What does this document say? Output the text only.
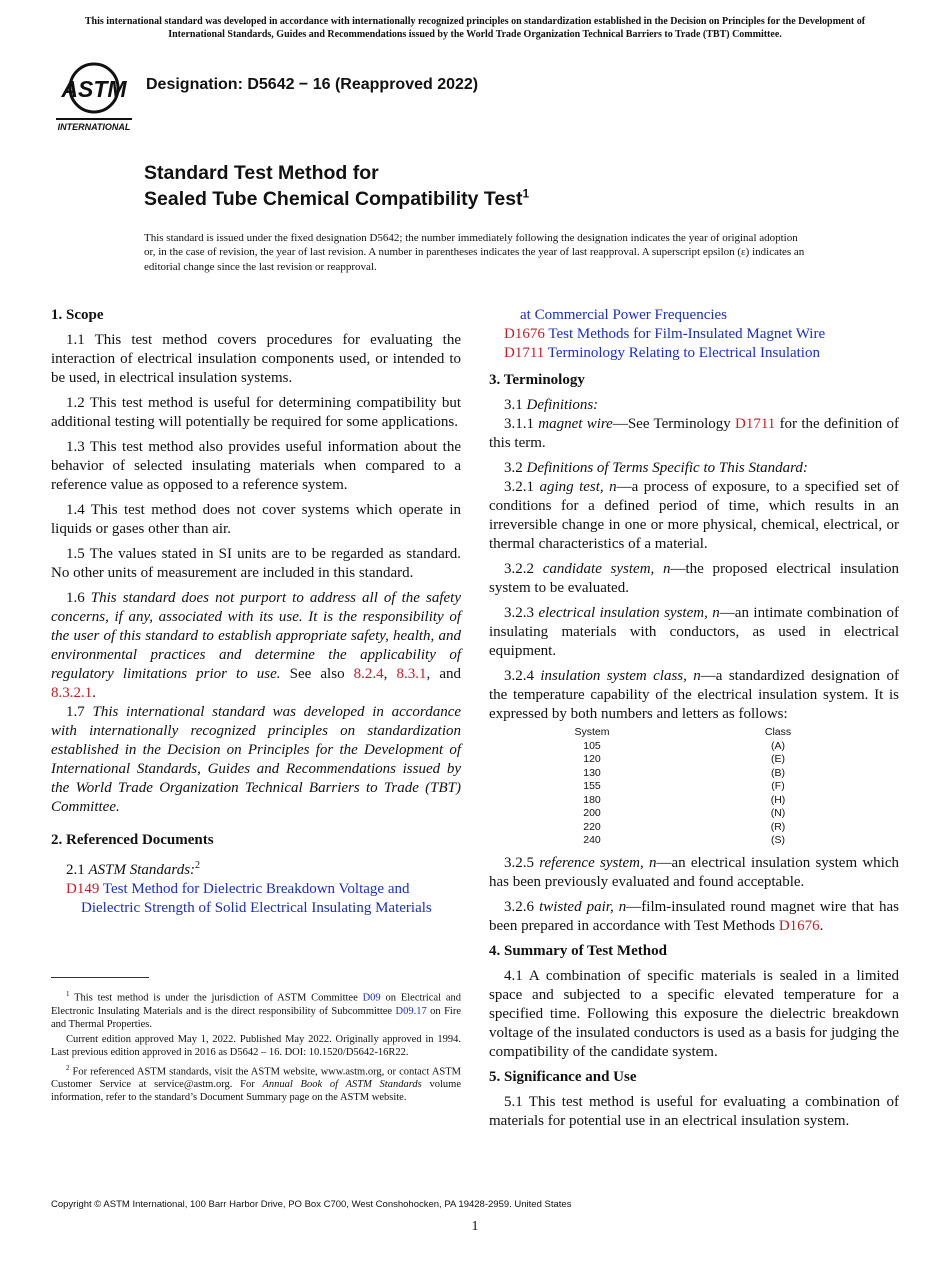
This international standard was developed in accordance with internationally recognized principles on standardization established in the Decision on Principles for the Development of International Standards, Guides and Recommendations issued by the World Trade Organization Technical Barriers to Trade (TBT) Committee.
ASTM
INTERNATIONAL
Designation: D5642 − 16 (Reapproved 2022)
Standard Test Method for
Sealed Tube Chemical Compatibility Test$^1$
This standard is issued under the fixed designation D5642; the number immediately following the designation indicates the year of original adoption or, in the case of revision, the year of last revision. A number in parentheses indicates the year of last reapproval. A superscript epsilon (ε) indicates an editorial change since the last revision or reapproval.
1. Scope

1.1 This test method covers procedures for evaluating the interaction of electrical insulation components used, or intended to be used, in electrical insulation systems.

1.2 This test method is useful for determining compatibility but additional testing will potentially be required for some applications.

1.3 This test method also provides useful information about the behavior of selected insulating materials when compared to a reference value as opposed to a reference system.

1.4 This test method does not cover systems which operate in liquids or gases other than air.

1.5 The values stated in SI units are to be regarded as standard. No other units of measurement are included in this standard.

1.6 This standard does not purport to address all of the safety concerns, if any, associated with its use. It is the responsibility of the user of this standard to establish appropriate safety, health, and environmental practices and determine the applicability of regulatory limitations prior to use. See also 8.2.4, 8.3.1, and 8.3.2.1.

1.7 This international standard was developed in accordance with internationally recognized principles on standardization established in the Decision on Principles for the Development of International Standards, Guides and Recommendations issued by the World Trade Organization Technical Barriers to Trade (TBT) Committee.

2. Referenced Documents

2.1 ASTM Standards:$^2$

D149 Test Method for Dielectric Breakdown Voltage and Dielectric Strength of Solid Electrical Insulating Materials

at Commercial Power Frequencies

D1676 Test Methods for Film-Insulated Magnet Wire

D1711 Terminology Relating to Electrical Insulation

3. Terminology

3.1 Definitions:

3.1.1 magnet wire—See Terminology D1711 for the definition of this term.

3.2 Definitions of Terms Specific to This Standard:

3.2.1 aging test, n—a process of exposure, to a specified set of conditions for a defined period of time, which results in an irreversible change in one or more physical, chemical, electrical, or thermal characteristics of a material.

3.2.2 candidate system, n—the proposed electrical insulation system to be evaluated.

3.2.3 electrical insulation system, n—an intimate combination of insulating materials with conductors, as used in electrical equipment.

3.2.4 insulation system class, n—a standardized designation of the temperature capability of the electrical insulation system. It is expressed by both numbers and letters as follows:

System		Class
105		(A)
120		(E)
130		(B)
155		(F)
180		(H)
200		(N)
220		(R)
240		(S)

3.2.5 reference system, n—an electrical insulation system which has been previously evaluated and found acceptable.

3.2.6 twisted pair, n—film-insulated round magnet wire that has been prepared in accordance with Test Methods D1676.

4. Summary of Test Method

4.1 A combination of specific materials is sealed in a limited space and subjected to a specific elevated temperature for a specified time. Following this exposure the dielectric breakdown voltage of the insulated conductors is used as a basis for judging the compatibility of the candidate system.

5. Significance and Use

5.1 This test method is useful for evaluating a combination of materials for potential use in an electrical insulation system.

$^1$ This test method is under the jurisdiction of ASTM Committee D09 on Electrical and Electronic Insulating Materials and is the direct responsibility of Subcommittee D09.17 on Fire and Thermal Properties.

Current edition approved May 1, 2022. Published May 2022. Originally approved in 1994. Last previous edition approved in 2016 as D5642 – 16. DOI: 10.1520/D5642-16R22.

$^2$ For referenced ASTM standards, visit the ASTM website, www.astm.org, or contact ASTM Customer Service at service@astm.org. For Annual Book of ASTM Standards volume information, refer to the standard’s Document Summary page on the ASTM website.

Copyright © ASTM International, 100 Barr Harbor Drive, PO Box C700, West Conshohocken, PA 19428-2959. United States
1
